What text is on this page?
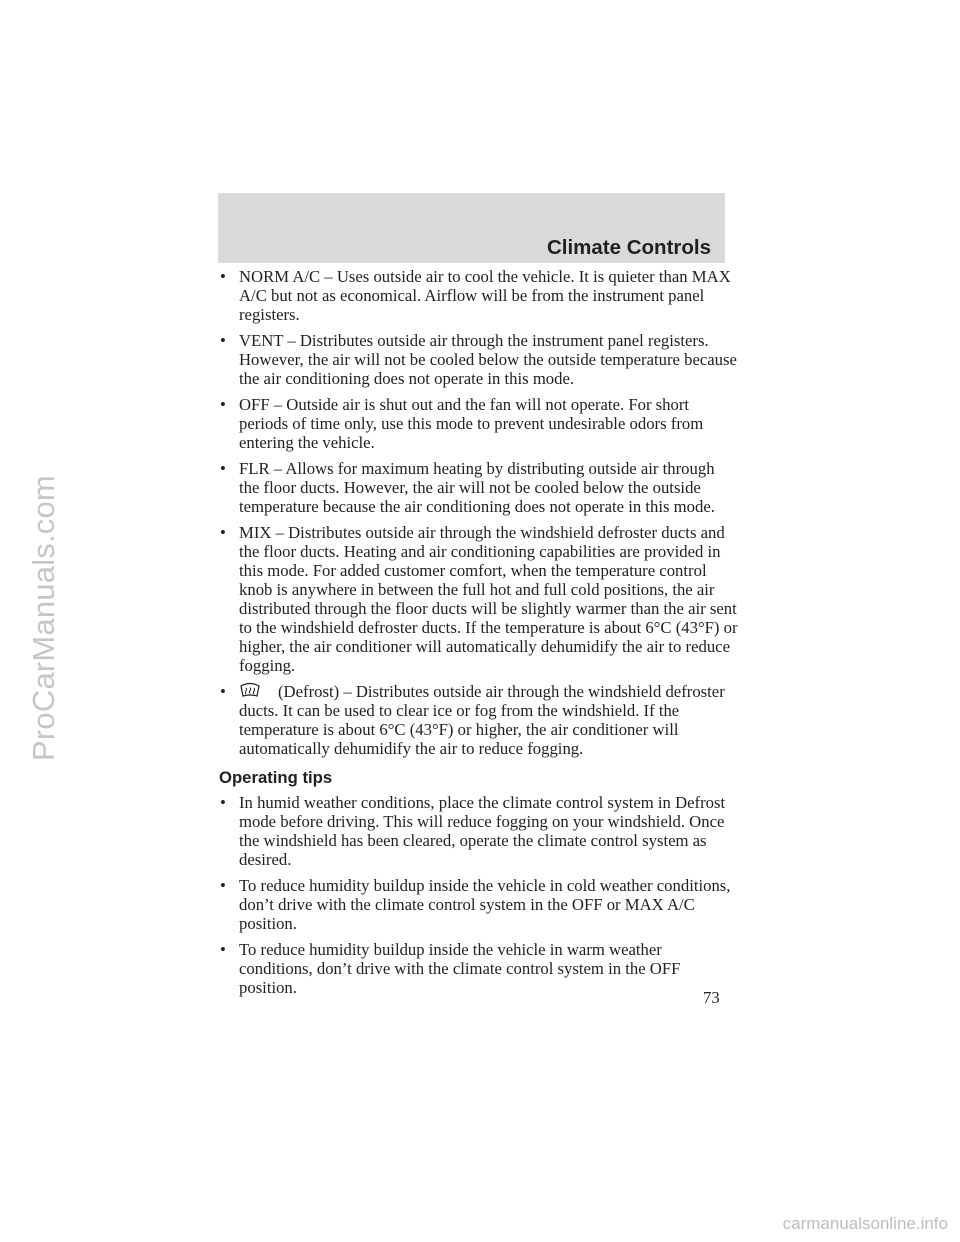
ProCarManuals.com
Climate Controls
• NORM A/C – Uses outside air to cool the vehicle. It is quieter than MAX A/C but not as economical. Airflow will be from the instrument panel registers.
• VENT – Distributes outside air through the instrument panel registers. However, the air will not be cooled below the outside temperature because the air conditioning does not operate in this mode.
• OFF – Outside air is shut out and the fan will not operate. For short periods of time only, use this mode to prevent undesirable odors from entering the vehicle.
• FLR – Allows for maximum heating by distributing outside air through the floor ducts. However, the air will not be cooled below the outside temperature because the air conditioning does not operate in this mode.
• MIX – Distributes outside air through the windshield defroster ducts and the floor ducts. Heating and air conditioning capabilities are provided in this mode. For added customer comfort, when the temperature control knob is anywhere in between the full hot and full cold positions, the air distributed through the floor ducts will be slightly warmer than the air sent to the windshield defroster ducts. If the temperature is about 6°C (43°F) or higher, the air conditioner will automatically dehumidify the air to reduce fogging.
•	(Defrost) – Distributes outside air through the windshield defroster ducts. It can be used to clear ice or fog from the windshield. If the temperature is about 6°C (43°F) or higher, the air conditioner will automatically dehumidify the air to reduce fogging.
Operating tips
• In humid weather conditions, place the climate control system in Defrost mode before driving. This will reduce fogging on your windshield. Once the windshield has been cleared, operate the climate control system as desired.
• To reduce humidity buildup inside the vehicle in cold weather conditions, don’t drive with the climate control system in the OFF or MAX A/C position.
• To reduce humidity buildup inside the vehicle in warm weather conditions, don’t drive with the climate control system in the OFF position.
73
carmanualsonline.info
